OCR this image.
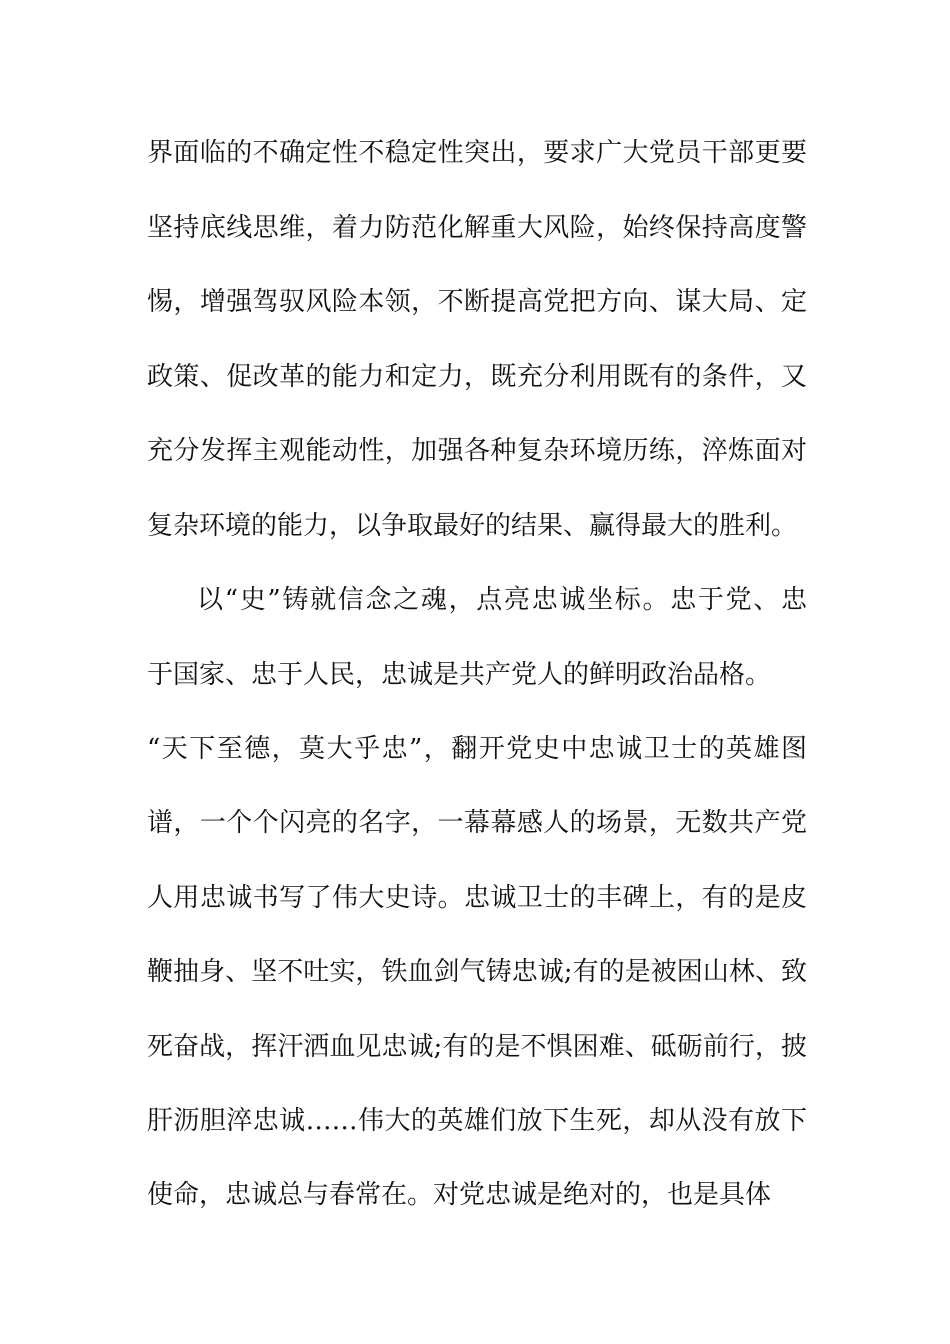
界面临的不确定性不稳定性突出，要求广大党员干部更要
坚持底线思维，着力防范化解重大风险，始终保持高度警
惕，增强驾驭风险本领，不断提高党把方向、谋大局、定
政策、促改革的能力和定力，既充分利用既有的条件，又
充分发挥主观能动性，加强各种复杂环境历练，淬炼面对
复杂环境的能力，以争取最好的结果、赢得最大的胜利。
以“史”铸就信念之魂，点亮忠诚坐标。忠于党、忠
于国家、忠于人民，忠诚是共产党人的鲜明政治品格。
“天下至德，莫大乎忠”，翻开党史中忠诚卫士的英雄图
谱，一个个闪亮的名字，一幕幕感人的场景，无数共产党
人用忠诚书写了伟大史诗。忠诚卫士的丰碑上，有的是皮
鞭抽身、坚不吐实，铁血剑气铸忠诚;有的是被困山林、致
死奋战，挥汗洒血见忠诚;有的是不惧困难、砥砺前行，披
肝沥胆淬忠诚……伟大的英雄们放下生死，却从没有放下
使命，忠诚总与春常在。对党忠诚是绝对的，也是具体
